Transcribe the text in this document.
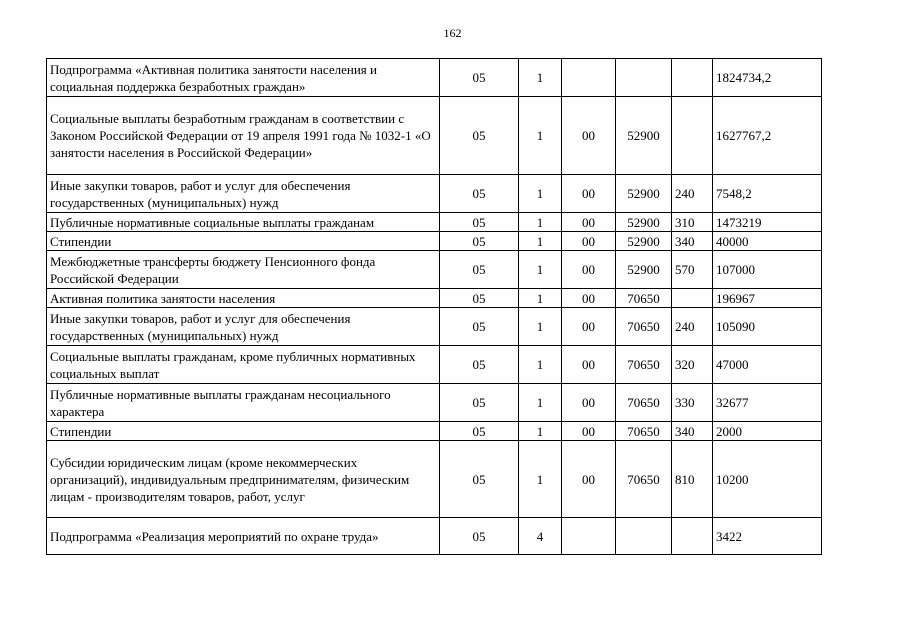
162
Подпрограмма «Активная политика занятости населения и социальная поддержка безработных граждан»	05	1				1824734,2
Социальные выплаты безработным гражданам в соответствии с Законом Российской Федерации от 19 апреля 1991 года № 1032-1 «О занятости населения в Российской Федерации»	05	1	00	52900		1627767,2
Иные закупки товаров, работ и услуг для обеспечения государственных (муниципальных) нужд	05	1	00	52900	240	7548,2
Публичные нормативные социальные выплаты гражданам	05	1	00	52900	310	1473219
Стипендии	05	1	00	52900	340	40000
Межбюджетные трансферты бюджету Пенсионного фонда Российской Федерации	05	1	00	52900	570	107000
Активная политика занятости населения	05	1	00	70650		196967
Иные закупки товаров, работ и услуг для обеспечения государственных (муниципальных) нужд	05	1	00	70650	240	105090
Социальные выплаты гражданам, кроме публичных нормативных социальных выплат	05	1	00	70650	320	47000
Публичные нормативные выплаты гражданам несоциального характера	05	1	00	70650	330	32677
Стипендии	05	1	00	70650	340	2000
Субсидии юридическим лицам (кроме некоммерческих организаций), индивидуальным предпринимателям, физическим лицам - производителям товаров, работ, услуг	05	1	00	70650	810	10200
Подпрограмма «Реализация мероприятий по охране труда»	05	4				3422
